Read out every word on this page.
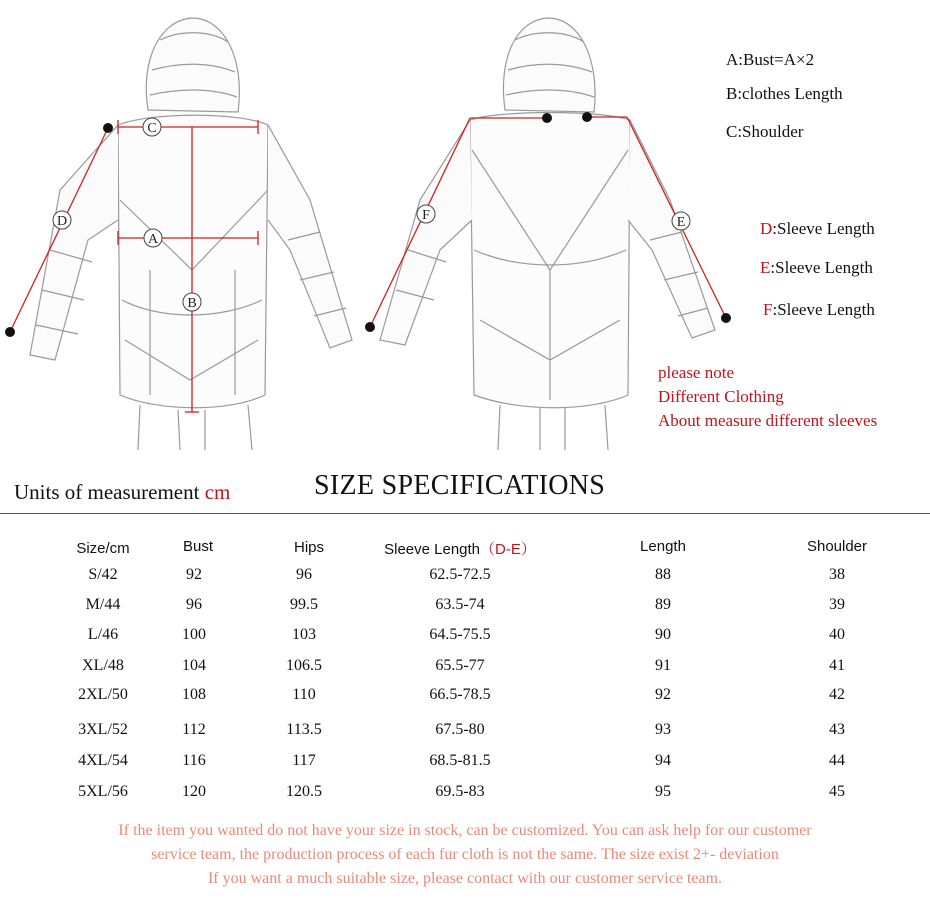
C
A
B
D	F	E
A:Bust=A×2
B:clothes Length
C:Shoulder
D:Sleeve Length
E:Sleeve Length
F:Sleeve Length
please note
Different Clothing
About measure different sleeves
Units of measurement cm	SIZE SPECIFICATIONS
Size/cm	Bust	Hips	Sleeve Length（D-E）	Length	Shoulder
S/42	92	96	62.5-72.5	88	38
M/44	96	99.5	63.5-74	89	39
L/46	100	103	64.5-75.5	90	40
XL/48	104	106.5	65.5-77	91	41
2XL/50	108	110	66.5-78.5	92	42
3XL/52	112	113.5	67.5-80	93	43
4XL/54	116	117	68.5-81.5	94	44
5XL/56	120	120.5	69.5-83	95	45
If the item you wanted do not have your size in stock, can be customized. You can ask help for our customer
service team, the production process of each fur cloth is not the same. The size exist 2+- deviation
If you want a much suitable size, please contact with our customer service team.
